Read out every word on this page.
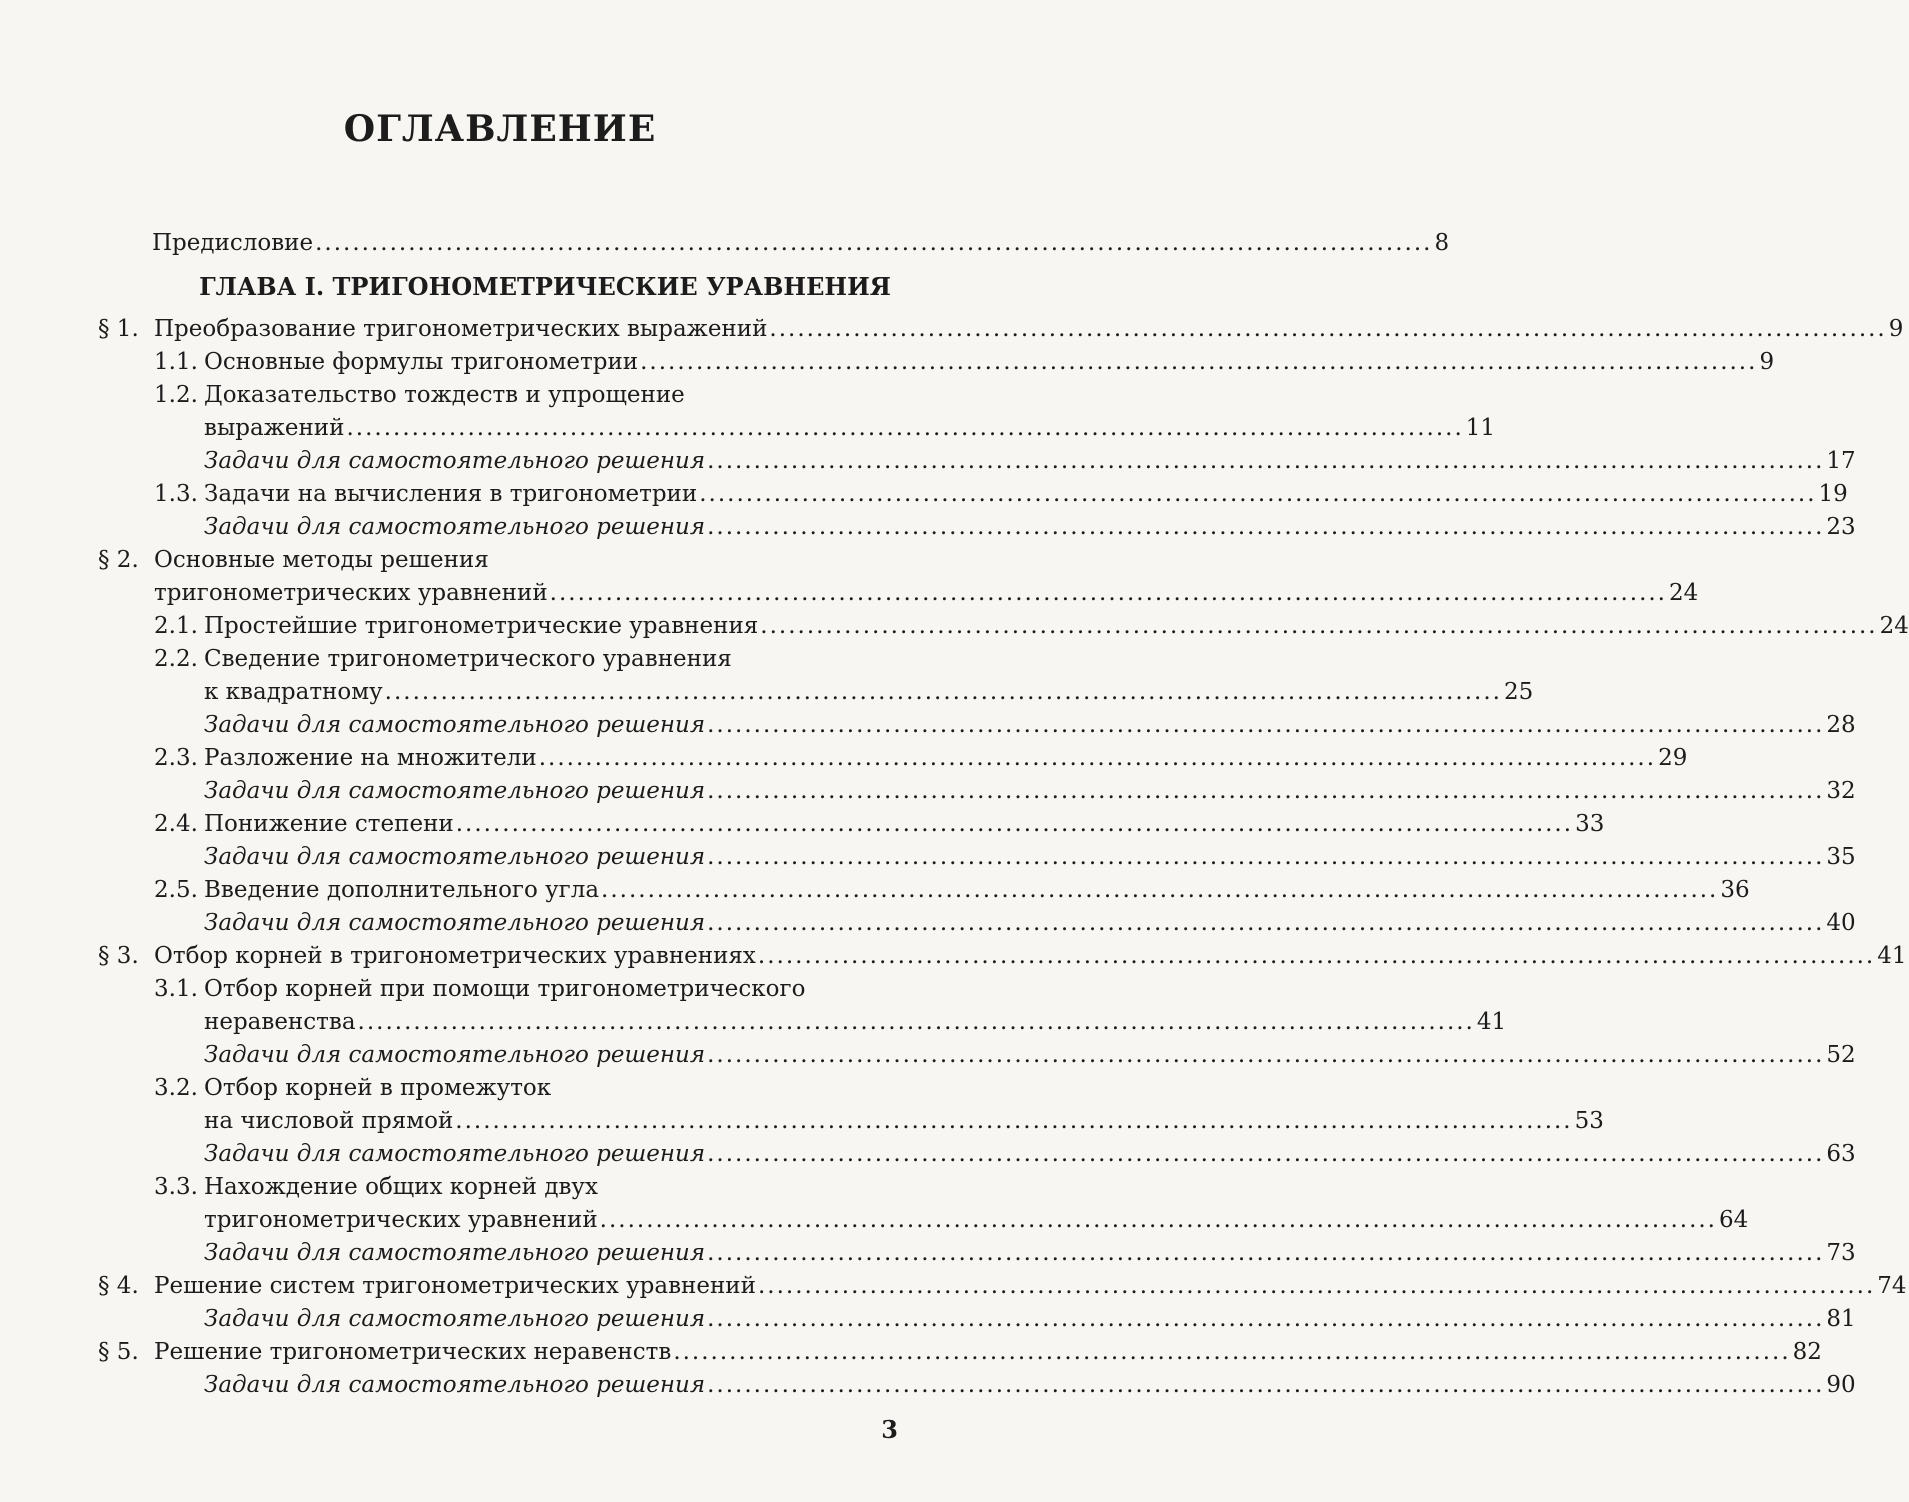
ОГЛАВЛЕНИЕ
Предисловие ........................................................................................................................ 8
ГЛАВА I. ТРИГОНОМЕТРИЧЕСКИЕ УРАВНЕНИЯ
§ 1. Преобразование тригонометрических выражений ........................................................................................................................ 9
1.1. Основные формулы тригонометрии ........................................................................................................................ 9
1.2. Доказательство тождеств и упрощение
выражений ........................................................................................................................ 11
Задачи для самостоятельного решения ........................................................................................................................ 17
1.3. Задачи на вычисления в тригонометрии ........................................................................................................................ 19
Задачи для самостоятельного решения ........................................................................................................................ 23
§ 2. Основные методы решения
тригонометрических уравнений ........................................................................................................................ 24
2.1. Простейшие тригонометрические уравнения ........................................................................................................................ 24
2.2. Сведение тригонометрического уравнения
к квадратному ........................................................................................................................ 25
Задачи для самостоятельного решения ........................................................................................................................ 28
2.3. Разложение на множители ........................................................................................................................ 29
Задачи для самостоятельного решения ........................................................................................................................ 32
2.4. Понижение степени ........................................................................................................................ 33
Задачи для самостоятельного решения ........................................................................................................................ 35
2.5. Введение дополнительного угла ........................................................................................................................ 36
Задачи для самостоятельного решения ........................................................................................................................ 40
§ 3. Отбор корней в тригонометрических уравнениях ........................................................................................................................ 41
3.1. Отбор корней при помощи тригонометрического
неравенства ........................................................................................................................ 41
Задачи для самостоятельного решения ........................................................................................................................ 52
3.2. Отбор корней в промежуток
на числовой прямой ........................................................................................................................ 53
Задачи для самостоятельного решения ........................................................................................................................ 63
3.3. Нахождение общих корней двух
тригонометрических уравнений ........................................................................................................................ 64
Задачи для самостоятельного решения ........................................................................................................................ 73
§ 4. Решение систем тригонометрических уравнений ........................................................................................................................ 74
Задачи для самостоятельного решения ........................................................................................................................ 81
§ 5. Решение тригонометрических неравенств ........................................................................................................................ 82
Задачи для самостоятельного решения ........................................................................................................................ 90
3
